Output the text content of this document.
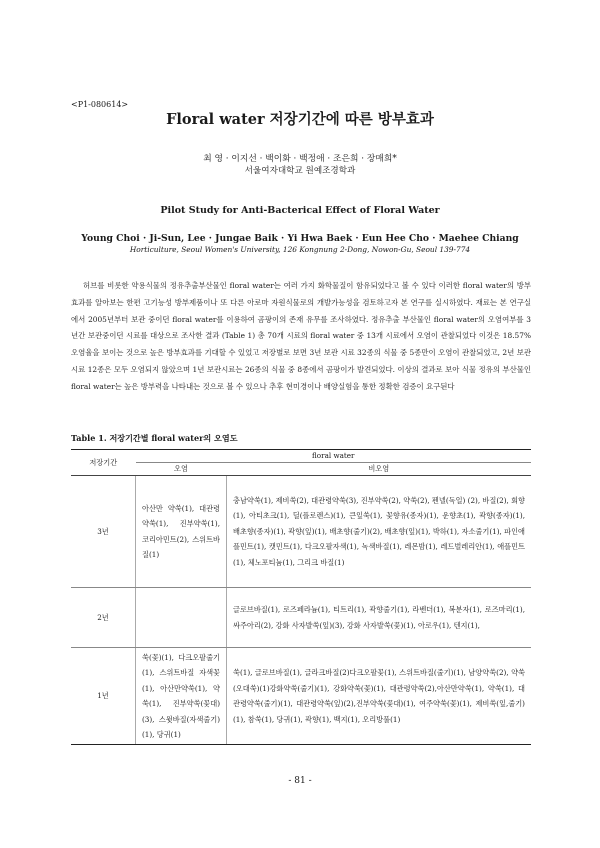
<P1-080614>
Floral water 저장기간에 따른 방부효과
최 영 · 이지선 · 백이화 · 백정애 · 조은희 · 장매희*
서울여자대학교 원예조경학과
Pilot Study for Anti-Bacterical Effect of Floral Water
Young Choi · Ji-Sun, Lee · Jungae Baik · Yi Hwa Baek · Eun Hee Cho · Maehee Chiang
Horticulture, Seoul Women's University, 126 Kongnung 2-Dong, Nowon-Gu, Seoul 139-774

허브를 비롯한 약용식물의 정유추출부산물인 floral water는 여러 가지 화학물질이 함유되었다고 볼 수 있다 이러한 floral water의 방부효과를 알아보는 한편 고기능성 방부제품이나 또 다른 아로마 자원식물로의 개발가능성을 검토하고자 본 연구를 실시하였다. 재료는 본 연구실에서 2005년부터 보관 중이던 floral water를 이용하여 곰팡이의 존재 유무를 조사하였다. 정유추출 부산물인 floral water의 오염여부를 3년간 보관중이던 시료를 대상으로 조사한 결과 (Table 1) 총 70개 시료의 floral water 중 13개 시료에서 오염이 관찰되었다 이것은 18.57% 오염율을 보이는 것으로 높은 방부효과를 기대할 수 있었고 저장별로 보면 3년 보관 시료 32종의 식물 중 5종만이 오염이 관찰되었고, 2년 보관시료 12종은 모두 오염되지 않았으며 1년 보관시료는 26종의 식물 중 8종에서 곰팡이가 발견되었다. 이상의 결과로 보아 식물 정유의 부산물인floral water는 높은 방부력을 나타내는 것으로 볼 수 있으나 추후 현미경이나 배양실험을 통한 정확한 검증이 요구된다

Table 1. 저장기간별 floral water의 오염도
저장기간	floral water	
	오염	비오염
3년	아산만 약쑥(1), 대관령약쑥(1), 진부약쑥(1), 코리아민트(2), 스위트바질(1)	충남약쑥(1), 제비쑥(2), 대관령약쑥(3), 진부약쑥(2), 약쑥(2), 펜넬(독일) (2), 바질(2), 회향(1), 아티초크(1), 딜(플로렌스)(1), 큰잎쑥(1), 꽃향유(종자)(1), 운향초(1), 곽향(종자)(1), 배초향(종자)(1), 곽향(잎)(1), 배초향(줄기)(2), 배초향(잎)(1), 박하(1), 자소줄기(1), 파인애플민트(1), 캣민트(1), 다크오팔자색(1), 녹색바질(1), 레몬밤(1), 레드벌레리안(1), 애플민트(1), 체노포티늄(1), 그리크 바질(1)
2년		글로브바질(1), 로즈페라늄(1), 티트리(1), 곽향줄기(1), 라벤더(1), 복분자(1), 로즈마리(1), 싸주아리(2), 강화 사자발쑥(잎)(3), 강화 사자발쑥(꽃)(1), 아로우(1), 텐지(1),
1년	쑥(꽃)(1), 다크오팔줄기(1), 스위트바질 자색꽃(1), 아산만약쑥(1), 약쑥(1), 진부약쑥(꽃대)(3), 스윗바질(자색줄기)(1), 당귀(1)	쑥(1), 글로브바질(1), 글라크바질(2)다크오팔꽃(1), 스위트바질(줄기)(1), 남양약쑥(2), 약쑥(오대쑥)(1)강화약쑥(줄기)(1), 강화약쑥(꽃)(1), 대관령약쑥(2),아산만약쑥(1), 약쑥(1), 대관령약쑥(줄기)(1), 대관령약쑥(잎)(2),진부약쑥(꽃대)(1), 여주약쑥(꽃)(1), 제비쑥(잎,줄기)(1), 참쑥(1), 당귀(1), 곽향(1), 백지(1), 오리방풀(1)
- 81 -
